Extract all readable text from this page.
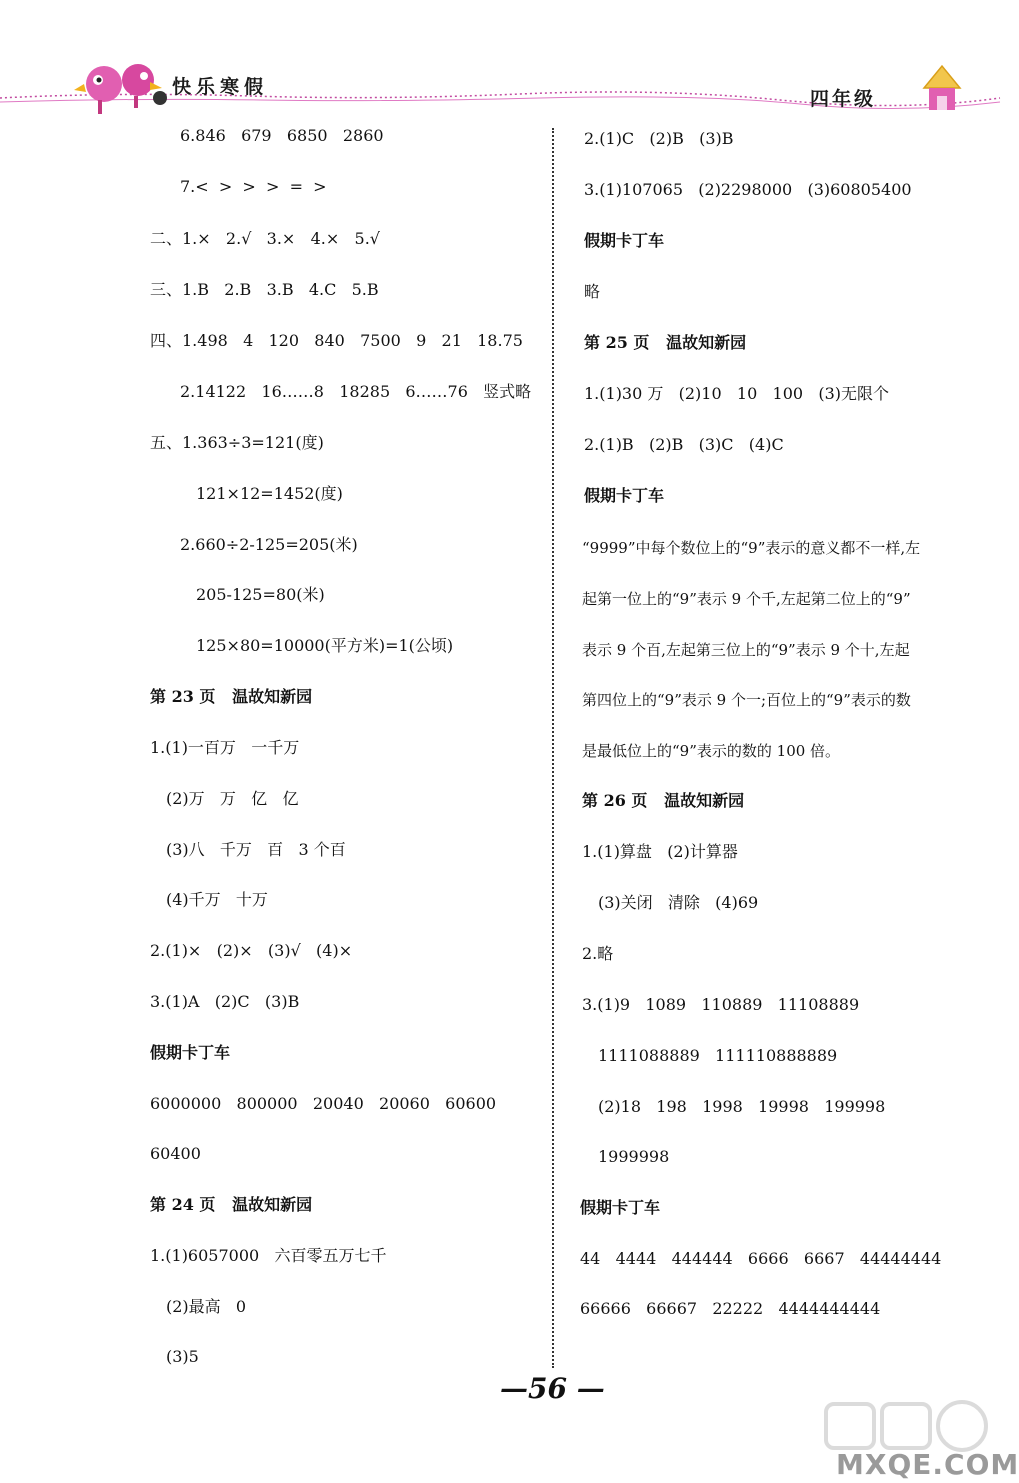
快乐寒假
四年级
6.846   679   6850   2860
7.<  >  >  >  =  >
二、1.×   2.√   3.×   4.×   5.√
三、1.B   2.B   3.B   4.C   5.B
四、1.498   4   120   840   7500   9   21   18.75
2.14122   16……8   18285   6……76   竖式略
五、1.363÷3=121(度)
121×12=1452(度)
2.660÷2-125=205(米)
205-125=80(米)
125×80=10000(平方米)=1(公顷)
第 23 页   温故知新园
1.(1)一百万   一千万
(2)万   万   亿   亿
(3)八   千万   百   3 个百
(4)千万   十万
2.(1)×   (2)×   (3)√   (4)×
3.(1)A   (2)C   (3)B
假期卡丁车
6000000   800000   20040   20060   60600
60400
第 24 页   温故知新园
1.(1)6057000   六百零五万七千
(2)最高   0
(3)5
2.(1)C   (2)B   (3)B
3.(1)107065   (2)2298000   (3)60805400
假期卡丁车
略
第 25 页   温故知新园
1.(1)30 万   (2)10   10   100   (3)无限个
2.(1)B   (2)B   (3)C   (4)C
假期卡丁车
“9999”中每个数位上的“9”表示的意义都不一样,左
起第一位上的“9”表示 9 个千,左起第二位上的“9”
表示 9 个百,左起第三位上的“9”表示 9 个十,左起
第四位上的“9”表示 9 个一;百位上的“9”表示的数
是最低位上的“9”表示的数的 100 倍。
第 26 页   温故知新园
1.(1)算盘   (2)计算器
(3)关闭   清除   (4)69
2.略
3.(1)9   1089   110889   11108889
1111088889   111110888889
(2)18   198   1998   19998   199998
1999998
假期卡丁车
44   4444   444444   6666   6667   44444444
66666   66667   22222   4444444444
—56 —
MXQE.COM
